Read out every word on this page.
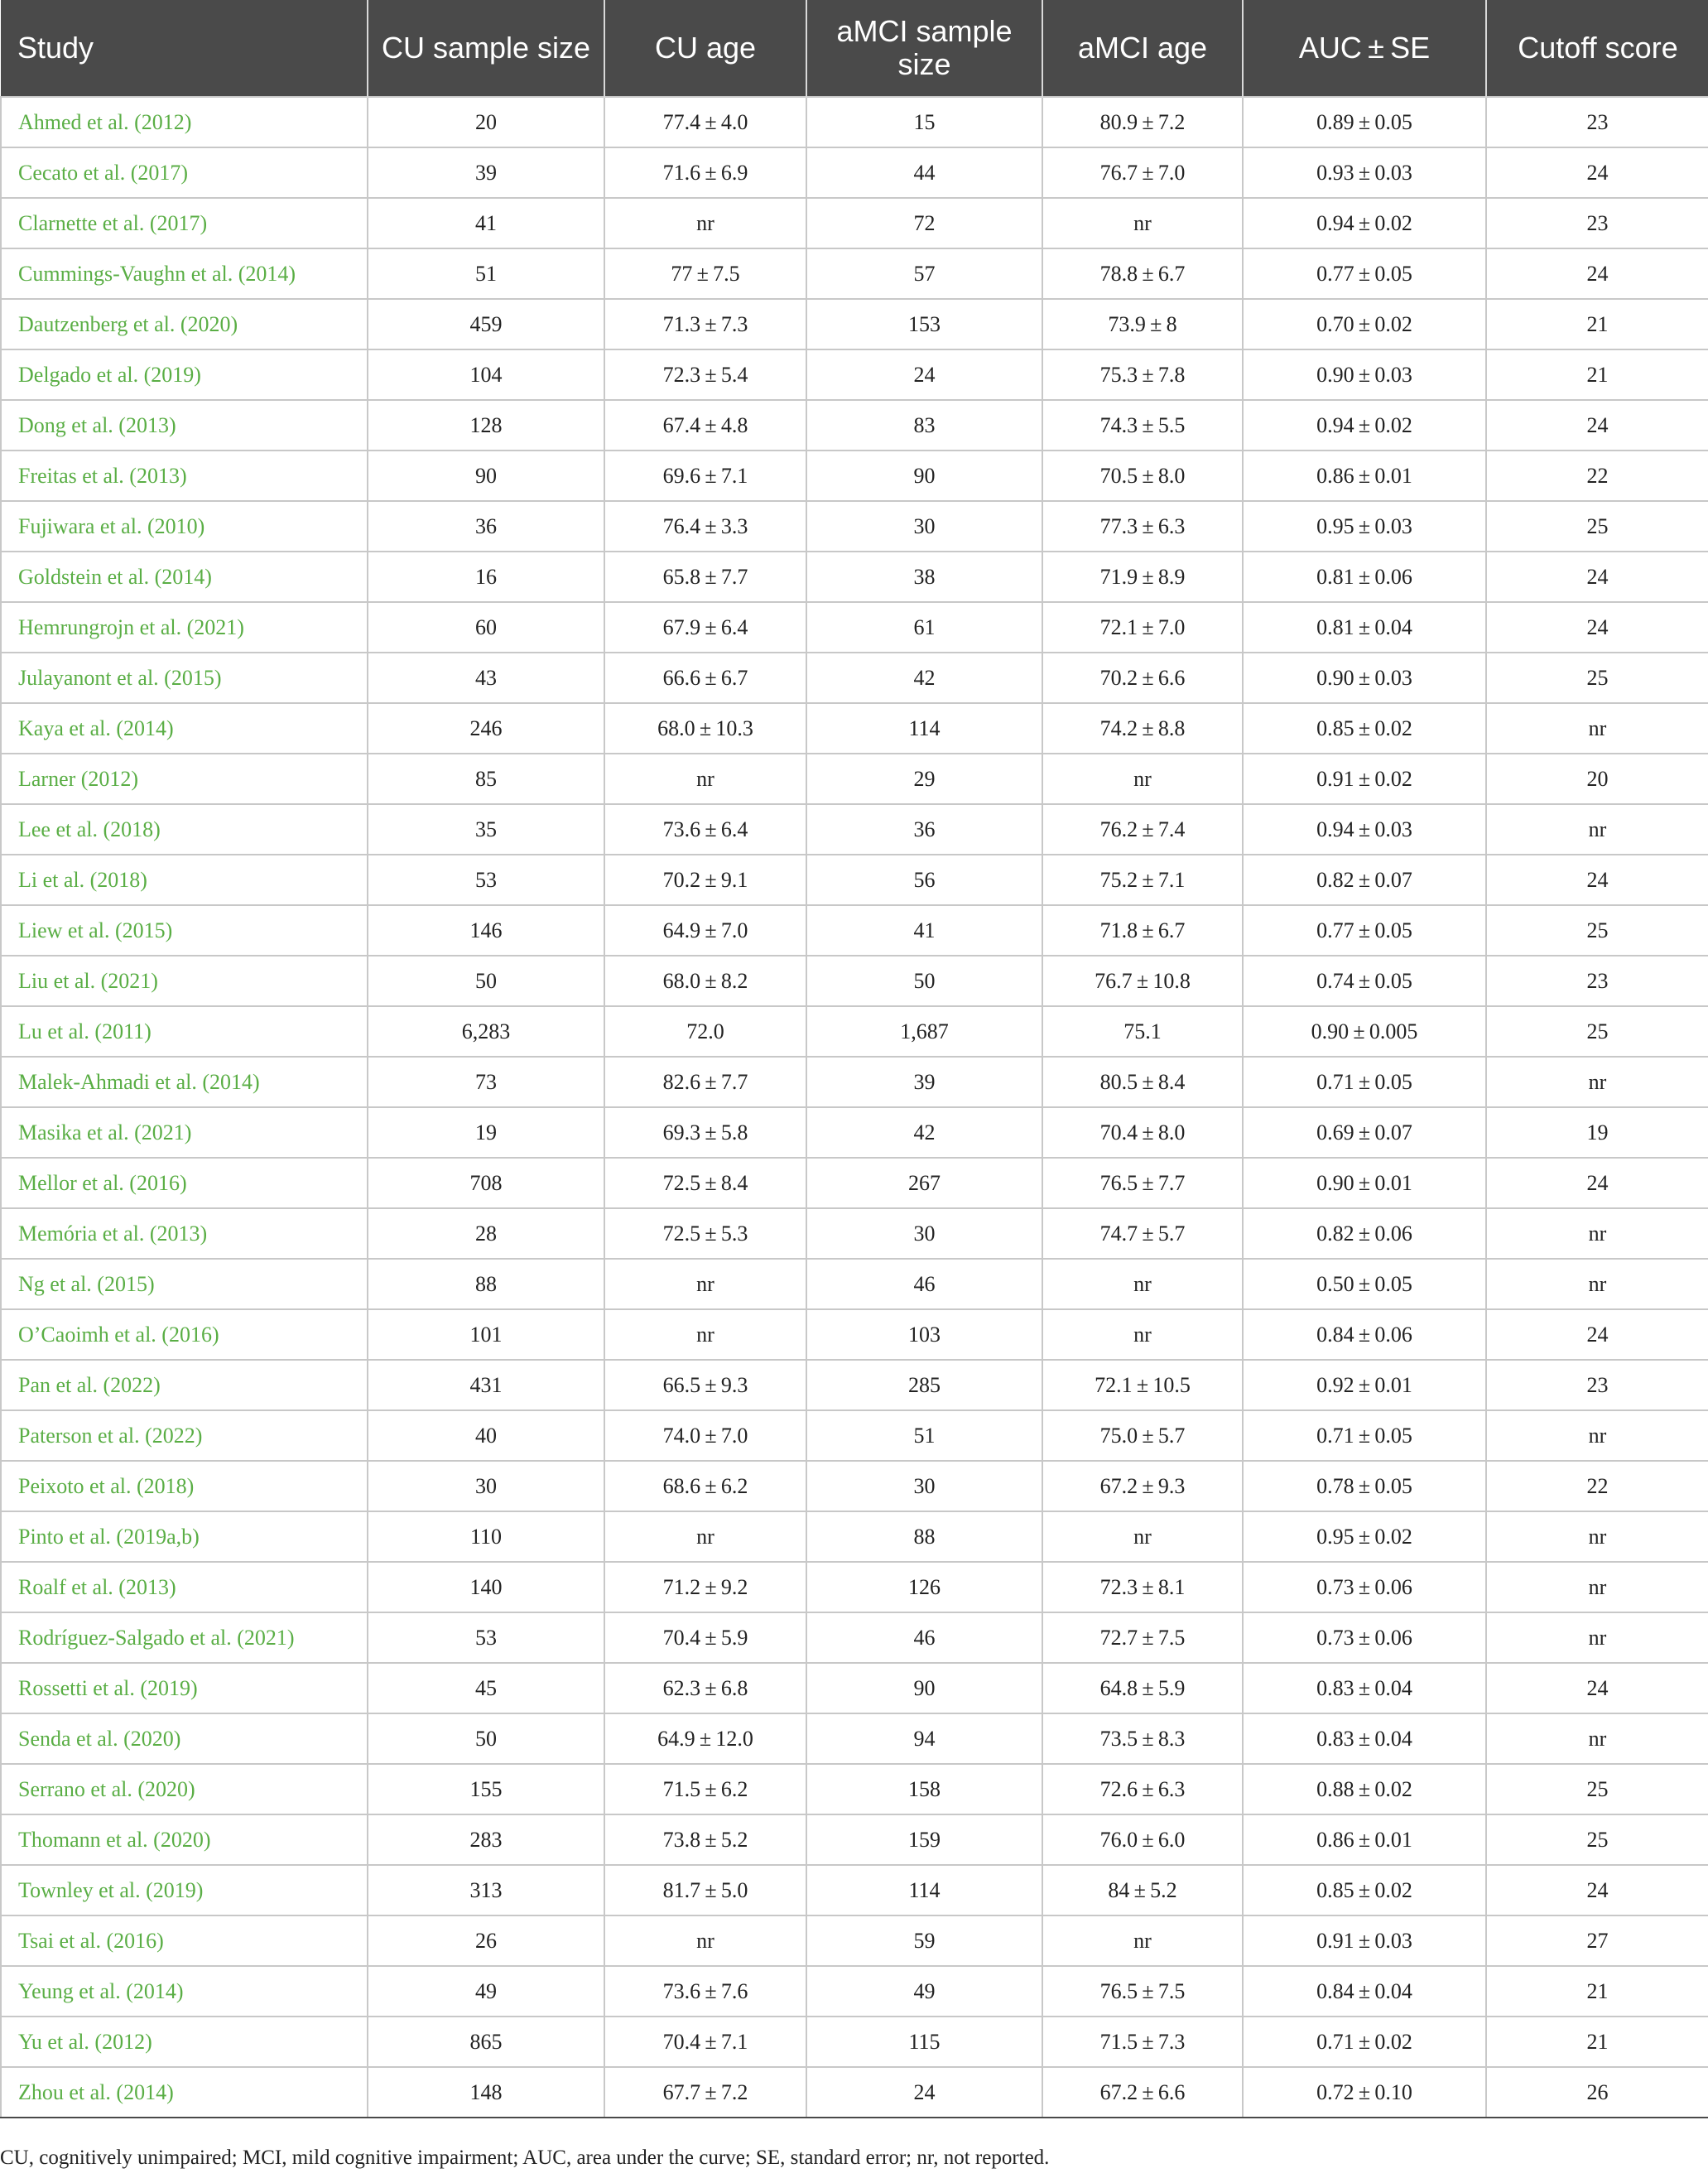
Study	CU sample size	CU age	aMCI sample size	aMCI age	AUC ± SE	Cutoff score
Ahmed et al. (2012)	20	77.4 ± 4.0	15	80.9 ± 7.2	0.89 ± 0.05	23
Cecato et al. (2017)	39	71.6 ± 6.9	44	76.7 ± 7.0	0.93 ± 0.03	24
Clarnette et al. (2017)	41	nr	72	nr	0.94 ± 0.02	23
Cummings-Vaughn et al. (2014)	51	77 ± 7.5	57	78.8 ± 6.7	0.77 ± 0.05	24
Dautzenberg et al. (2020)	459	71.3 ± 7.3	153	73.9 ± 8	0.70 ± 0.02	21
Delgado et al. (2019)	104	72.3 ± 5.4	24	75.3 ± 7.8	0.90 ± 0.03	21
Dong et al. (2013)	128	67.4 ± 4.8	83	74.3 ± 5.5	0.94 ± 0.02	24
Freitas et al. (2013)	90	69.6 ± 7.1	90	70.5 ± 8.0	0.86 ± 0.01	22
Fujiwara et al. (2010)	36	76.4 ± 3.3	30	77.3 ± 6.3	0.95 ± 0.03	25
Goldstein et al. (2014)	16	65.8 ± 7.7	38	71.9 ± 8.9	0.81 ± 0.06	24
Hemrungrojn et al. (2021)	60	67.9 ± 6.4	61	72.1 ± 7.0	0.81 ± 0.04	24
Julayanont et al. (2015)	43	66.6 ± 6.7	42	70.2 ± 6.6	0.90 ± 0.03	25
Kaya et al. (2014)	246	68.0 ± 10.3	114	74.2 ± 8.8	0.85 ± 0.02	nr
Larner (2012)	85	nr	29	nr	0.91 ± 0.02	20
Lee et al. (2018)	35	73.6 ± 6.4	36	76.2 ± 7.4	0.94 ± 0.03	nr
Li et al. (2018)	53	70.2 ± 9.1	56	75.2 ± 7.1	0.82 ± 0.07	24
Liew et al. (2015)	146	64.9 ± 7.0	41	71.8 ± 6.7	0.77 ± 0.05	25
Liu et al. (2021)	50	68.0 ± 8.2	50	76.7 ± 10.8	0.74 ± 0.05	23
Lu et al. (2011)	6,283	72.0	1,687	75.1	0.90 ± 0.005	25
Malek-Ahmadi et al. (2014)	73	82.6 ± 7.7	39	80.5 ± 8.4	0.71 ± 0.05	nr
Masika et al. (2021)	19	69.3 ± 5.8	42	70.4 ± 8.0	0.69 ± 0.07	19
Mellor et al. (2016)	708	72.5 ± 8.4	267	76.5 ± 7.7	0.90 ± 0.01	24
Memória et al. (2013)	28	72.5 ± 5.3	30	74.7 ± 5.7	0.82 ± 0.06	nr
Ng et al. (2015)	88	nr	46	nr	0.50 ± 0.05	nr
O’Caoimh et al. (2016)	101	nr	103	nr	0.84 ± 0.06	24
Pan et al. (2022)	431	66.5 ± 9.3	285	72.1 ± 10.5	0.92 ± 0.01	23
Paterson et al. (2022)	40	74.0 ± 7.0	51	75.0 ± 5.7	0.71 ± 0.05	nr
Peixoto et al. (2018)	30	68.6 ± 6.2	30	67.2 ± 9.3	0.78 ± 0.05	22
Pinto et al. (2019a,b)	110	nr	88	nr	0.95 ± 0.02	nr
Roalf et al. (2013)	140	71.2 ± 9.2	126	72.3 ± 8.1	0.73 ± 0.06	nr
Rodríguez-Salgado et al. (2021)	53	70.4 ± 5.9	46	72.7 ± 7.5	0.73 ± 0.06	nr
Rossetti et al. (2019)	45	62.3 ± 6.8	90	64.8 ± 5.9	0.83 ± 0.04	24
Senda et al. (2020)	50	64.9 ± 12.0	94	73.5 ± 8.3	0.83 ± 0.04	nr
Serrano et al. (2020)	155	71.5 ± 6.2	158	72.6 ± 6.3	0.88 ± 0.02	25
Thomann et al. (2020)	283	73.8 ± 5.2	159	76.0 ± 6.0	0.86 ± 0.01	25
Townley et al. (2019)	313	81.7 ± 5.0	114	84 ± 5.2	0.85 ± 0.02	24
Tsai et al. (2016)	26	nr	59	nr	0.91 ± 0.03	27
Yeung et al. (2014)	49	73.6 ± 7.6	49	76.5 ± 7.5	0.84 ± 0.04	21
Yu et al. (2012)	865	70.4 ± 7.1	115	71.5 ± 7.3	0.71 ± 0.02	21
Zhou et al. (2014)	148	67.7 ± 7.2	24	67.2 ± 6.6	0.72 ± 0.10	26
CU, cognitively unimpaired; MCI, mild cognitive impairment; AUC, area under the curve; SE, standard error; nr, not reported.
